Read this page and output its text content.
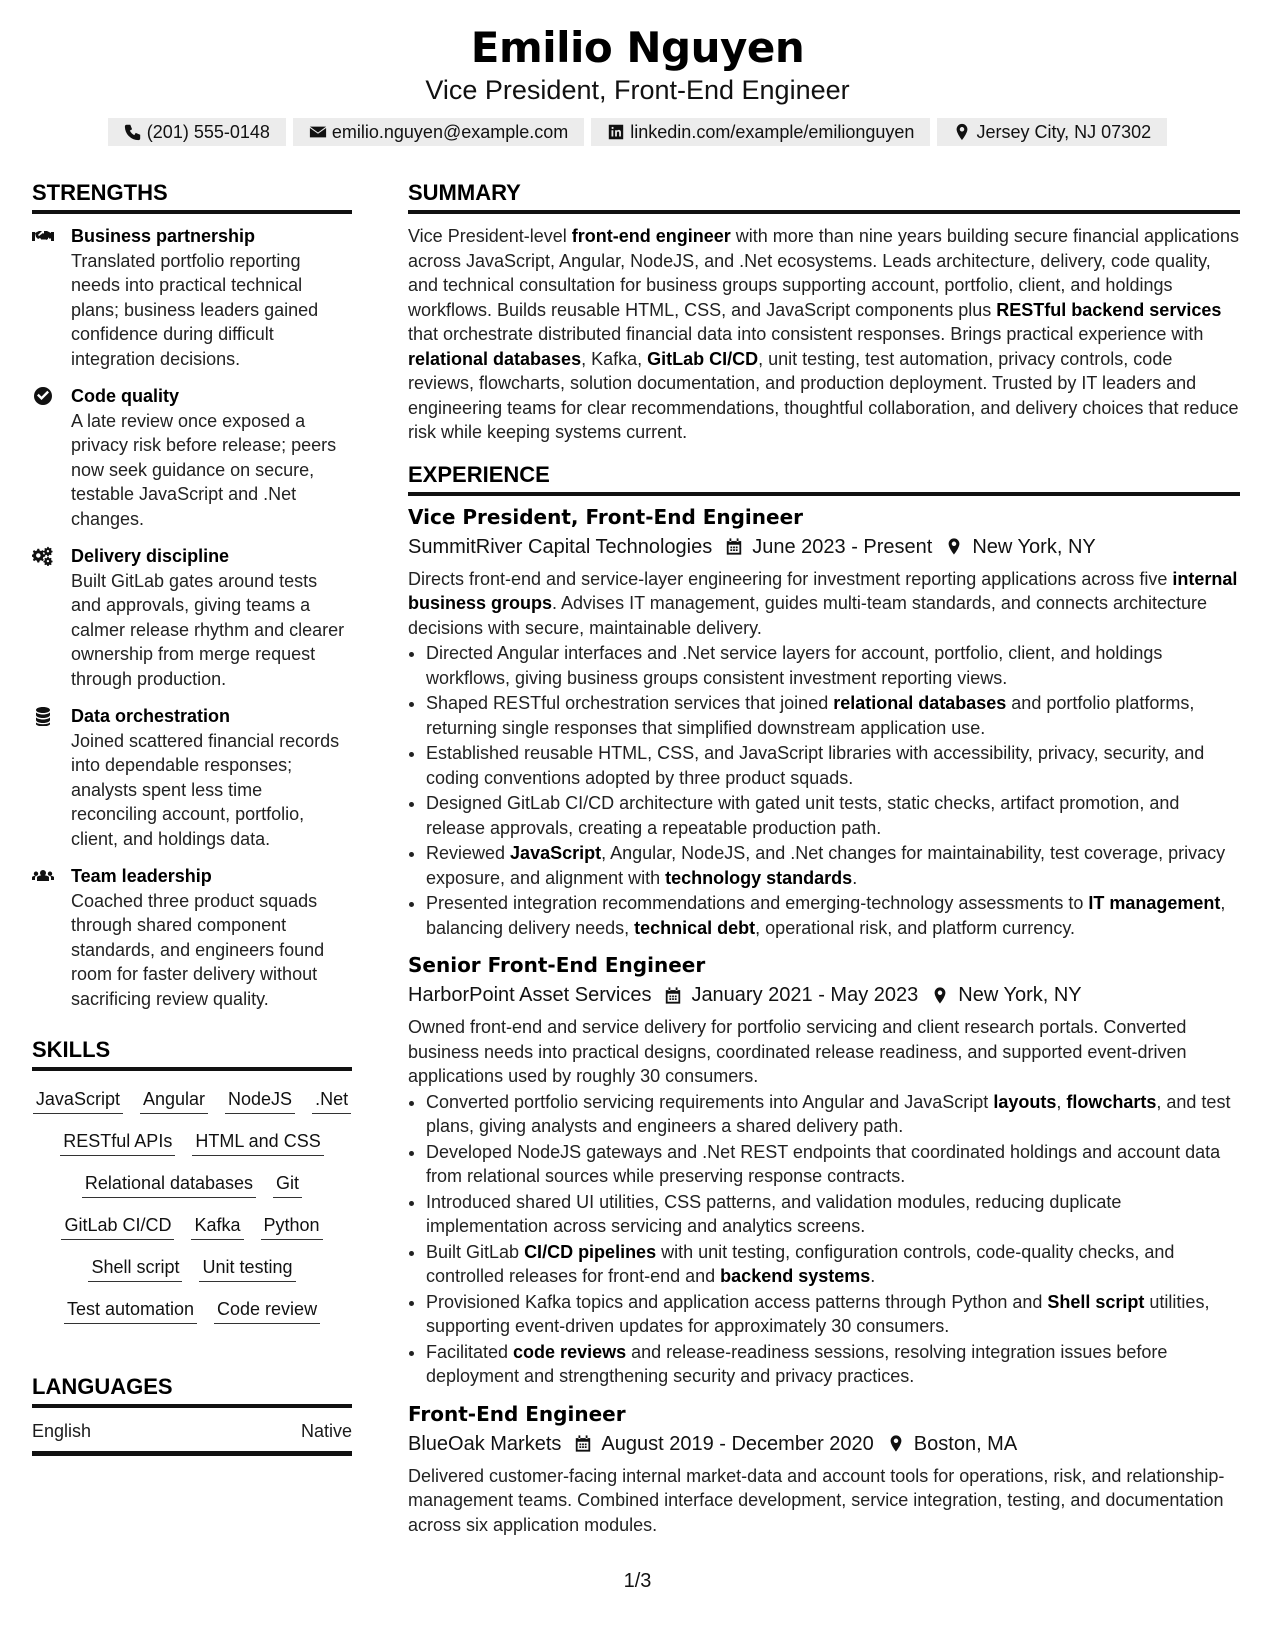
Emilio Nguyen
Vice President, Front-End Engineer
(201) 555-0148	emilio.nguyen@example.com	linkedin.com/example/emilionguyen	Jersey City, NJ 07302
STRENGTHS
Business partnership
Translated portfolio reporting needs into practical technical plans; business leaders gained confidence during difficult integration decisions.
Code quality
A late review once exposed a privacy risk before release; peers now seek guidance on secure, testable JavaScript and .Net changes.
Delivery discipline
Built GitLab gates around tests and approvals, giving teams a calmer release rhythm and clearer ownership from merge request through production.
Data orchestration
Joined scattered financial records into dependable responses; analysts spent less time reconciling account, portfolio, client, and holdings data.
Team leadership
Coached three product squads through shared component standards, and engineers found room for faster delivery without sacrificing review quality.
SKILLS
JavaScript Angular NodeJS .Net
RESTful APIs HTML and CSS
Relational databases Git
GitLab CI/CD Kafka Python
Shell script Unit testing
Test automation Code review
LANGUAGES
English	Native
SUMMARY
Vice President-level front-end engineer with more than nine years building secure financial applications across JavaScript, Angular, NodeJS, and .Net ecosystems. Leads architecture, delivery, code quality, and technical consultation for business groups supporting account, portfolio, client, and holdings workflows. Builds reusable HTML, CSS, and JavaScript components plus RESTful backend services that orchestrate distributed financial data into consistent responses. Brings practical experience with relational databases, Kafka, GitLab CI/CD, unit testing, test automation, privacy controls, code reviews, flowcharts, solution documentation, and production deployment. Trusted by IT leaders and engineering teams for clear recommendations, thoughtful collaboration, and delivery choices that reduce risk while keeping systems current.
EXPERIENCE
Vice President, Front-End Engineer
SummitRiver Capital Technologies June 2023 - Present New York, NY
Directs front-end and service-layer engineering for investment reporting applications across five internal business groups. Advises IT management, guides multi-team standards, and connects architecture decisions with secure, maintainable delivery.
• Directed Angular interfaces and .Net service layers for account, portfolio, client, and holdings workflows, giving business groups consistent investment reporting views.
• Shaped RESTful orchestration services that joined relational databases and portfolio platforms, returning single responses that simplified downstream application use.
• Established reusable HTML, CSS, and JavaScript libraries with accessibility, privacy, security, and coding conventions adopted by three product squads.
• Designed GitLab CI/CD architecture with gated unit tests, static checks, artifact promotion, and release approvals, creating a repeatable production path.
• Reviewed JavaScript, Angular, NodeJS, and .Net changes for maintainability, test coverage, privacy exposure, and alignment with technology standards.
• Presented integration recommendations and emerging-technology assessments to IT management, balancing delivery needs, technical debt, operational risk, and platform currency.
Senior Front-End Engineer
HarborPoint Asset Services January 2021 - May 2023 New York, NY
Owned front-end and service delivery for portfolio servicing and client research portals. Converted business needs into practical designs, coordinated release readiness, and supported event-driven applications used by roughly 30 consumers.
• Converted portfolio servicing requirements into Angular and JavaScript layouts, flowcharts, and test plans, giving analysts and engineers a shared delivery path.
• Developed NodeJS gateways and .Net REST endpoints that coordinated holdings and account data from relational sources while preserving response contracts.
• Introduced shared UI utilities, CSS patterns, and validation modules, reducing duplicate implementation across servicing and analytics screens.
• Built GitLab CI/CD pipelines with unit testing, configuration controls, code-quality checks, and controlled releases for front-end and backend systems.
• Provisioned Kafka topics and application access patterns through Python and Shell script utilities, supporting event-driven updates for approximately 30 consumers.
• Facilitated code reviews and release-readiness sessions, resolving integration issues before deployment and strengthening security and privacy practices.
Front-End Engineer
BlueOak Markets August 2019 - December 2020 Boston, MA
Delivered customer-facing internal market-data and account tools for operations, risk, and relationship-management teams. Combined interface development, service integration, testing, and documentation across six application modules.
1/3
